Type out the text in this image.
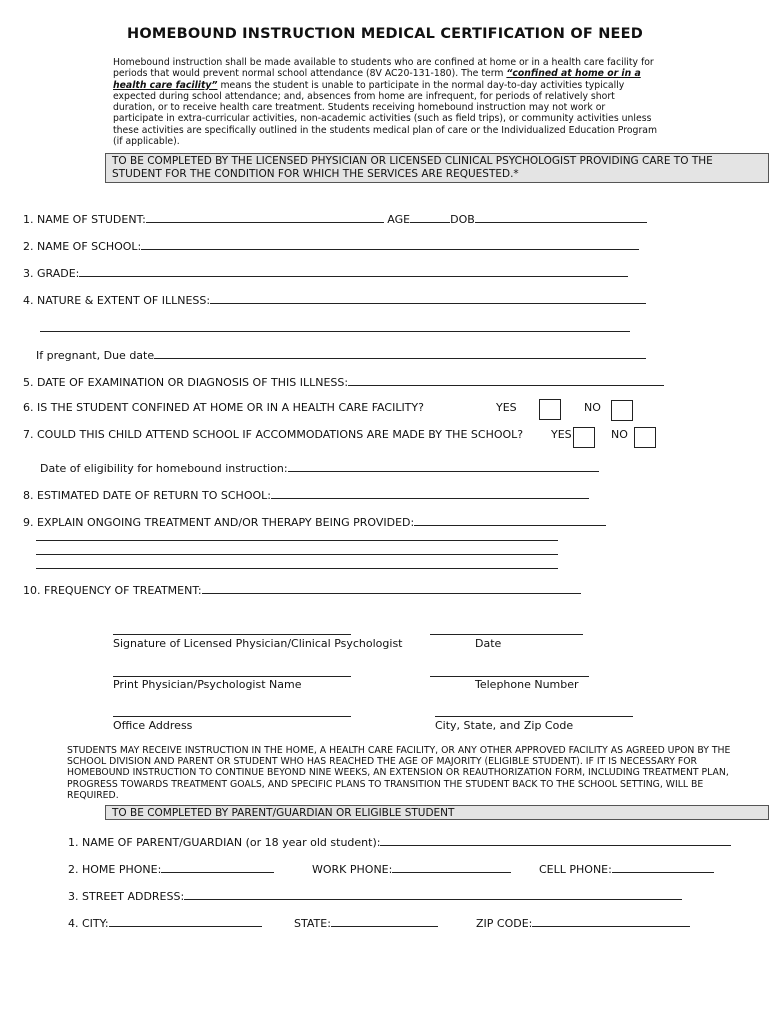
HOMEBOUND INSTRUCTION MEDICAL CERTIFICATION OF NEED
Homebound instruction shall be made available to students who are confined at home or in a health care facility for periods that would prevent normal school attendance (8V AC20-131-180). The term “confined at home or in a health care facility” means the student is unable to participate in the normal day-to-day activities typically expected during school attendance; and, absences from home are infrequent, for periods of relatively short duration, or to receive health care treatment. Students receiving homebound instruction may not work or participate in extra-curricular activities, non-academic activities (such as field trips), or community activities unless these activities are specifically outlined in the students medical plan of care or the Individualized Education Program (if applicable).
TO BE COMPLETED BY THE LICENSED PHYSICIAN OR LICENSED CLINICAL PSYCHOLOGIST PROVIDING CARE TO THE STUDENT FOR THE CONDITION FOR WHICH THE SERVICES ARE REQUESTED.*
1. NAME OF STUDENT:	AGE	DOB
2. NAME OF SCHOOL:
3. GRADE:
4. NATURE & EXTENT OF ILLNESS:
If pregnant, Due date
5. DATE OF EXAMINATION OR DIAGNOSIS OF THIS ILLNESS:
6. IS THE STUDENT CONFINED AT HOME OR IN A HEALTH CARE FACILITY?	YES	NO
7. COULD THIS CHILD ATTEND SCHOOL IF ACCOMMODATIONS ARE MADE BY THE SCHOOL?	YES	NO
Date of eligibility for homebound instruction:
8. ESTIMATED DATE OF RETURN TO SCHOOL:
9. EXPLAIN ONGOING TREATMENT AND/OR THERAPY BEING PROVIDED:
10. FREQUENCY OF TREATMENT:
Signature of Licensed Physician/Clinical Psychologist	Date
Print Physician/Psychologist Name	Telephone Number
Office Address	City, State, and Zip Code
STUDENTS MAY RECEIVE INSTRUCTION IN THE HOME, A HEALTH CARE FACILITY, OR ANY OTHER APPROVED FACILITY AS AGREED UPON BY THE SCHOOL DIVISION AND PARENT OR STUDENT WHO HAS REACHED THE AGE OF MAJORITY (ELIGIBLE STUDENT). IF IT IS NECESSARY FOR HOMEBOUND INSTRUCTION TO CONTINUE BEYOND NINE WEEKS, AN EXTENSION OR REAUTHORIZATION FORM, INCLUDING TREATMENT PLAN, PROGRESS TOWARDS TREATMENT GOALS, AND SPECIFIC PLANS TO TRANSITION THE STUDENT BACK TO THE SCHOOL SETTING, WILL BE REQUIRED.
TO BE COMPLETED BY PARENT/GUARDIAN OR ELIGIBLE STUDENT
1. NAME OF PARENT/GUARDIAN (or 18 year old student):
2. HOME PHONE:	WORK PHONE:	CELL PHONE:
3. STREET ADDRESS:
4. CITY:	STATE:	ZIP CODE:
